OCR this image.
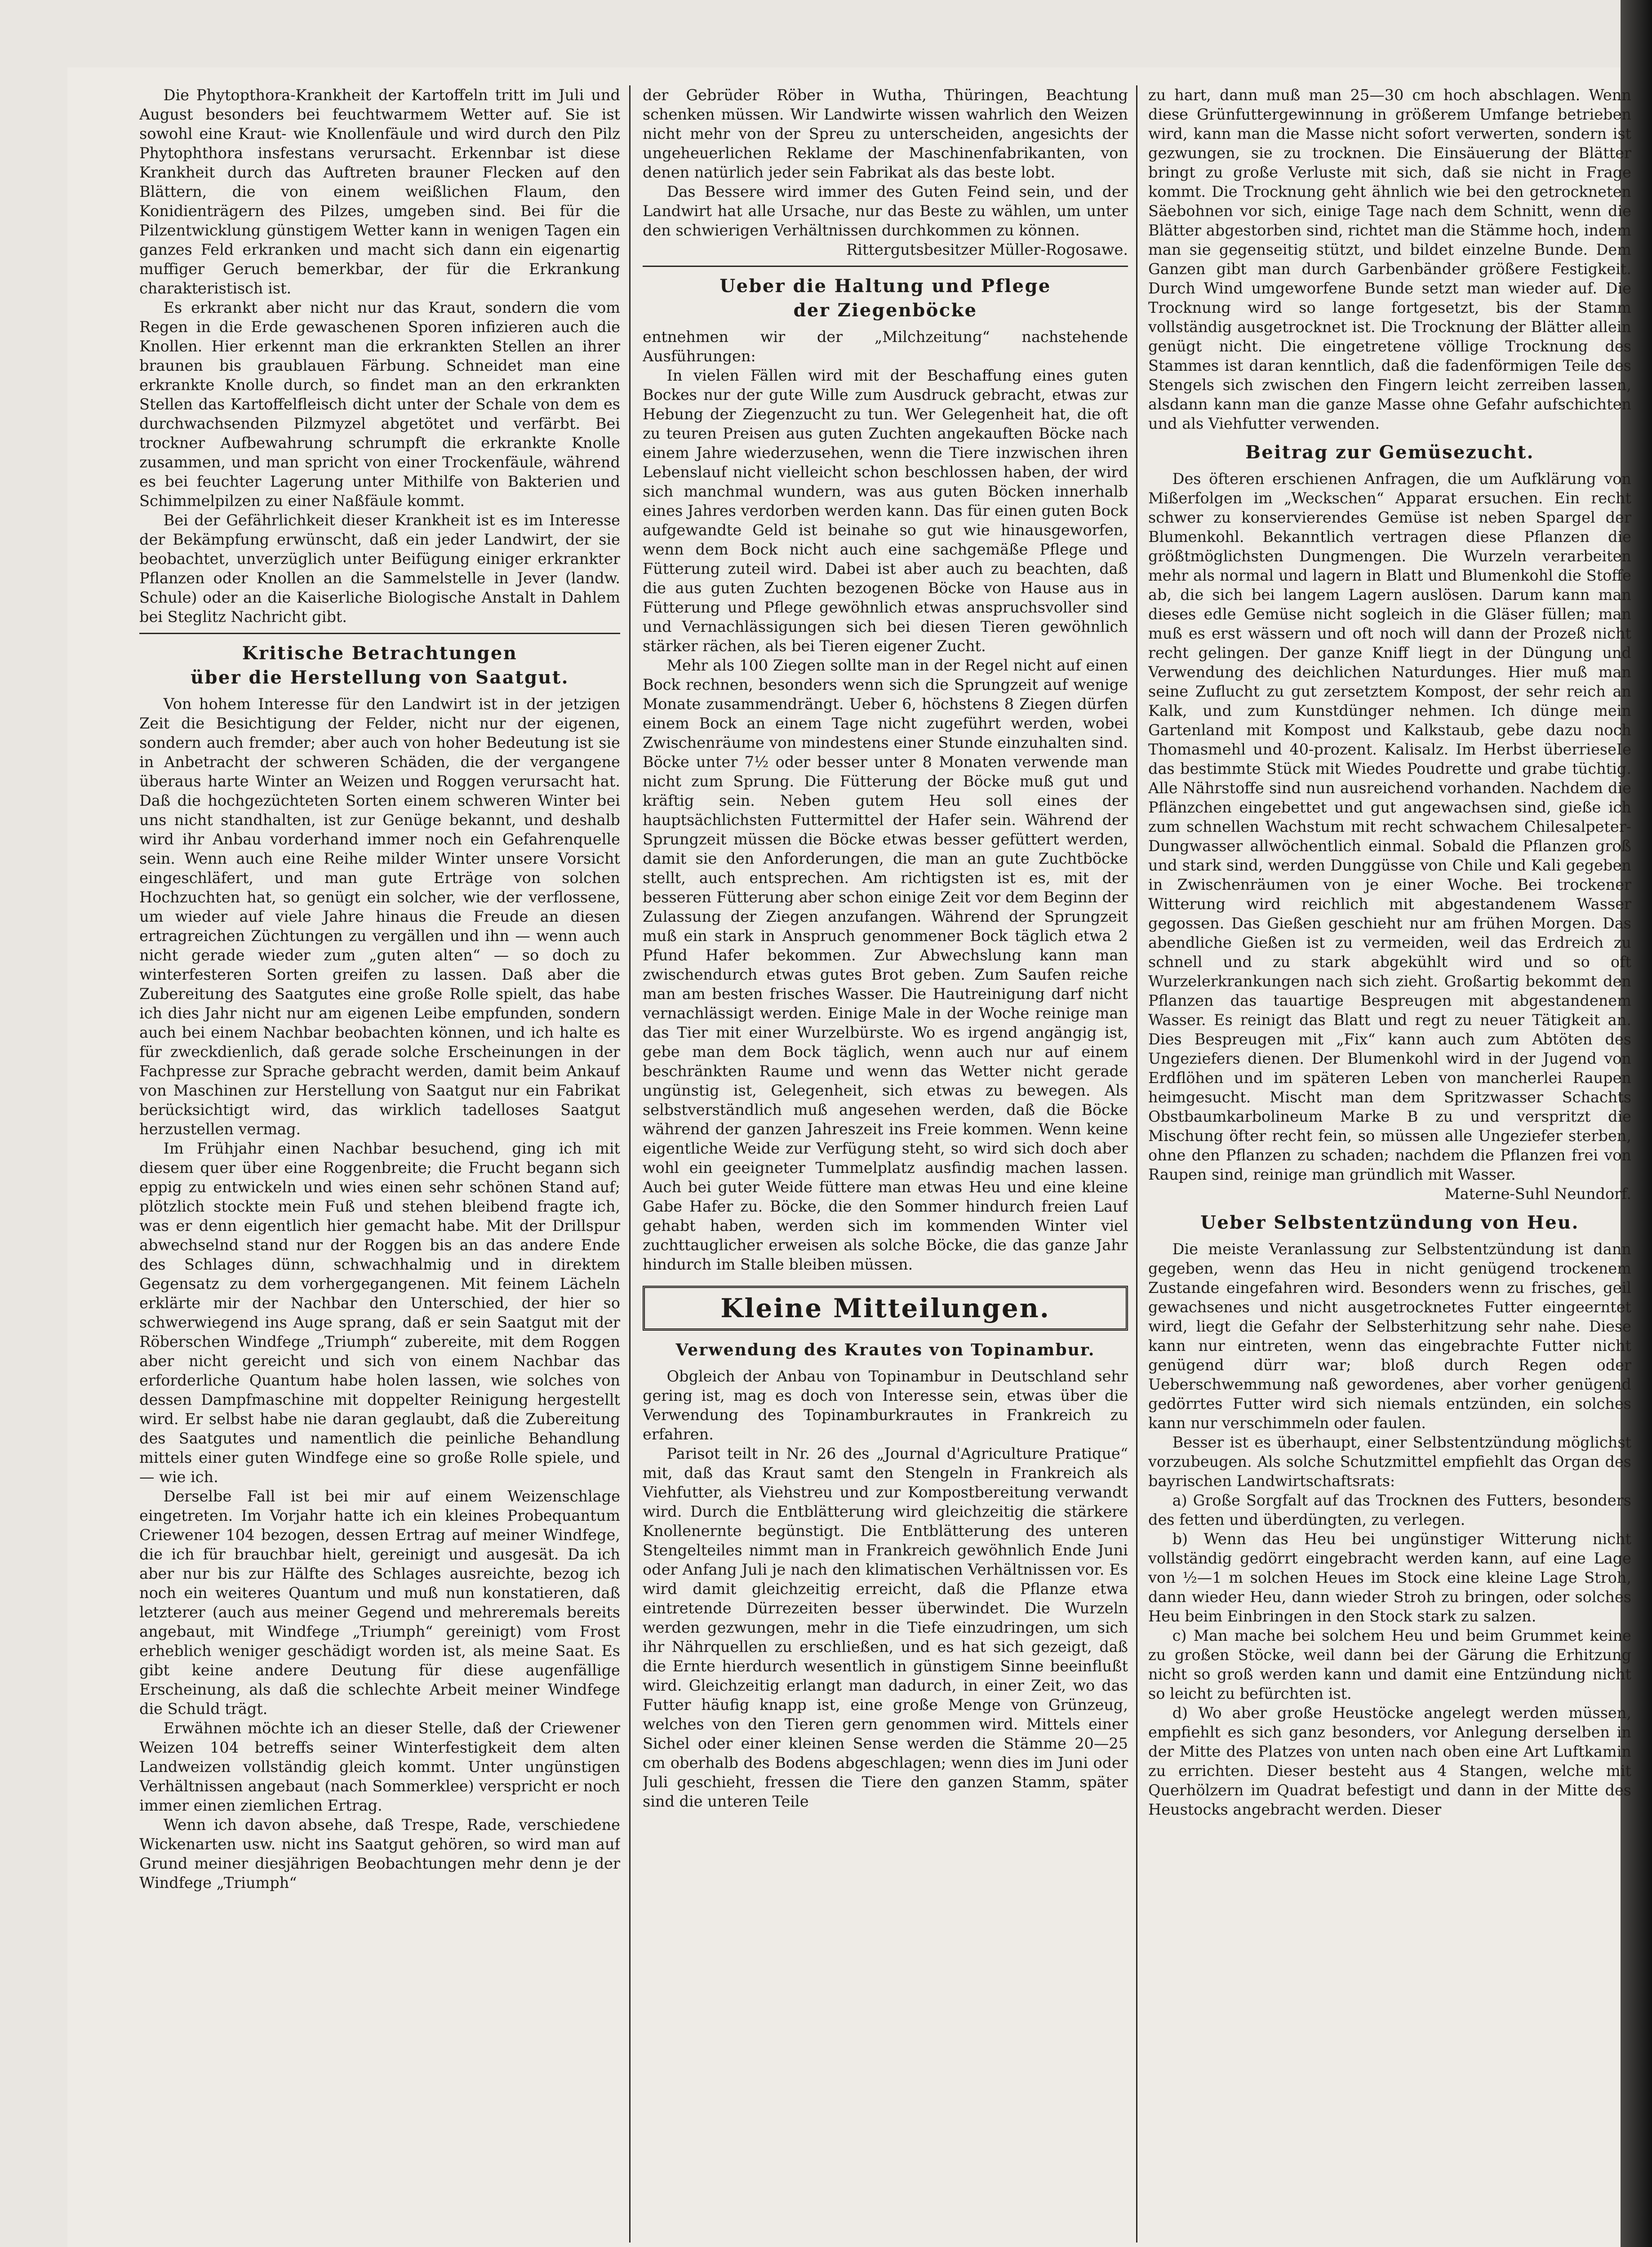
Die Phytopthora-Krankheit der Kartoffeln tritt im Juli und August besonders bei feuchtwarmem Wetter auf. Sie ist sowohl eine Kraut- wie Knollenfäule und wird durch den Pilz Phytophthora insfestans verursacht. Erkennbar ist diese Krankheit durch das Auftreten brauner Flecken auf den Blättern, die von einem weißlichen Flaum, den Konidienträgern des Pilzes, umgeben sind. Bei für die Pilzentwicklung günstigem Wetter kann in wenigen Tagen ein ganzes Feld erkranken und macht sich dann ein eigenartig muffiger Geruch bemerkbar, der für die Erkrankung charakteristisch ist.

Es erkrankt aber nicht nur das Kraut, sondern die vom Regen in die Erde gewaschenen Sporen infizieren auch die Knollen. Hier erkennt man die erkrankten Stellen an ihrer braunen bis graublauen Färbung. Schneidet man eine erkrankte Knolle durch, so findet man an den erkrankten Stellen das Kartoffelfleisch dicht unter der Schale von dem es durchwachsenden Pilzmyzel abgetötet und verfärbt. Bei trockner Aufbewahrung schrumpft die erkrankte Knolle zusammen, und man spricht von einer Trockenfäule, während es bei feuchter Lagerung unter Mithilfe von Bakterien und Schimmelpilzen zu einer Naßfäule kommt.

Bei der Gefährlichkeit dieser Krankheit ist es im Interesse der Bekämpfung erwünscht, daß ein jeder Landwirt, der sie beobachtet, unverzüglich unter Beifügung einiger erkrankter Pflanzen oder Knollen an die Sammelstelle in Jever (landw. Schule) oder an die Kaiserliche Biologische Anstalt in Dahlem bei Steglitz Nachricht gibt.

Kritische Betrachtungen
über die Herstellung von Saatgut.

Von hohem Interesse für den Landwirt ist in der jetzigen Zeit die Besichtigung der Felder, nicht nur der eigenen, sondern auch fremder; aber auch von hoher Bedeutung ist sie in Anbetracht der schweren Schäden, die der vergangene überaus harte Winter an Weizen und Roggen verursacht hat. Daß die hochgezüchteten Sorten einem schweren Winter bei uns nicht standhalten, ist zur Genüge bekannt, und deshalb wird ihr Anbau vorderhand immer noch ein Gefahrenquelle sein. Wenn auch eine Reihe milder Winter unsere Vorsicht eingeschläfert, und man gute Erträge von solchen Hochzuchten hat, so genügt ein solcher, wie der verflossene, um wieder auf viele Jahre hinaus die Freude an diesen ertragreichen Züchtungen zu vergällen und ihn — wenn auch nicht gerade wieder zum „guten alten“ — so doch zu winterfesteren Sorten greifen zu lassen. Daß aber die Zubereitung des Saatgutes eine große Rolle spielt, das habe ich dies Jahr nicht nur am eigenen Leibe empfunden, sondern auch bei einem Nachbar beobachten können, und ich halte es für zweckdienlich, daß gerade solche Erscheinungen in der Fachpresse zur Sprache gebracht werden, damit beim Ankauf von Maschinen zur Herstellung von Saatgut nur ein Fabrikat berücksichtigt wird, das wirklich tadelloses Saatgut herzustellen vermag.

Im Frühjahr einen Nachbar besuchend, ging ich mit diesem quer über eine Roggenbreite; die Frucht begann sich eppig zu entwickeln und wies einen sehr schönen Stand auf; plötzlich stockte mein Fuß und stehen bleibend fragte ich, was er denn eigentlich hier gemacht habe. Mit der Drillspur abwechselnd stand nur der Roggen bis an das andere Ende des Schlages dünn, schwachhalmig und in direktem Gegensatz zu dem vorhergegangenen. Mit feinem Lächeln erklärte mir der Nachbar den Unterschied, der hier so schwerwiegend ins Auge sprang, daß er sein Saatgut mit der Röberschen Windfege „Triumph“ zubereite, mit dem Roggen aber nicht gereicht und sich von einem Nachbar das erforderliche Quantum habe holen lassen, wie solches von dessen Dampfmaschine mit doppelter Reinigung hergestellt wird. Er selbst habe nie daran geglaubt, daß die Zubereitung des Saatgutes und namentlich die peinliche Behandlung mittels einer guten Windfege eine so große Rolle spiele, und — wie ich.

Derselbe Fall ist bei mir auf einem Weizenschlage eingetreten. Im Vorjahr hatte ich ein kleines Probequantum Criewener 104 bezogen, dessen Ertrag auf meiner Windfege, die ich für brauchbar hielt, gereinigt und ausgesät. Da ich aber nur bis zur Hälfte des Schlages ausreichte, bezog ich noch ein weiteres Quantum und muß nun konstatieren, daß letzterer (auch aus meiner Gegend und mehreremals bereits angebaut, mit Windfege „Triumph“ gereinigt) vom Frost erheblich weniger geschädigt worden ist, als meine Saat. Es gibt keine andere Deutung für diese augenfällige Erscheinung, als daß die schlechte Arbeit meiner Windfege die Schuld trägt.

Erwähnen möchte ich an dieser Stelle, daß der Criewener Weizen 104 betreffs seiner Winterfestigkeit dem alten Landweizen vollständig gleich kommt. Unter ungünstigen Verhältnissen angebaut (nach Sommerklee) verspricht er noch immer einen ziemlichen Ertrag.

Wenn ich davon absehe, daß Trespe, Rade, verschiedene Wickenarten usw. nicht ins Saatgut gehören, so wird man auf Grund meiner diesjährigen Beobachtungen mehr denn je der Windfege „Triumph“

der Gebrüder Röber in Wutha, Thüringen, Beachtung schenken müssen. Wir Landwirte wissen wahrlich den Weizen nicht mehr von der Spreu zu unterscheiden, angesichts der ungeheuerlichen Reklame der Maschinenfabrikanten, von denen natürlich jeder sein Fabrikat als das beste lobt.

Das Bessere wird immer des Guten Feind sein, und der Landwirt hat alle Ursache, nur das Beste zu wählen, um unter den schwierigen Verhältnissen durchkommen zu können.

Rittergutsbesitzer Müller-Rogosawe.

Ueber die Haltung und Pflege
der Ziegenböcke

entnehmen wir der „Milchzeitung“ nachstehende Ausführungen:

In vielen Fällen wird mit der Beschaffung eines guten Bockes nur der gute Wille zum Ausdruck gebracht, etwas zur Hebung der Ziegenzucht zu tun. Wer Gelegenheit hat, die oft zu teuren Preisen aus guten Zuchten angekauften Böcke nach einem Jahre wiederzusehen, wenn die Tiere inzwischen ihren Lebenslauf nicht vielleicht schon beschlossen haben, der wird sich manchmal wundern, was aus guten Böcken innerhalb eines Jahres verdorben werden kann. Das für einen guten Bock aufgewandte Geld ist beinahe so gut wie hinausgeworfen, wenn dem Bock nicht auch eine sachgemäße Pflege und Fütterung zuteil wird. Dabei ist aber auch zu beachten, daß die aus guten Zuchten bezogenen Böcke von Hause aus in Fütterung und Pflege gewöhnlich etwas anspruchsvoller sind und Vernachlässigungen sich bei diesen Tieren gewöhnlich stärker rächen, als bei Tieren eigener Zucht.

Mehr als 100 Ziegen sollte man in der Regel nicht auf einen Bock rechnen, besonders wenn sich die Sprungzeit auf wenige Monate zusammendrängt. Ueber 6, höchstens 8 Ziegen dürfen einem Bock an einem Tage nicht zugeführt werden, wobei Zwischenräume von mindestens einer Stunde einzuhalten sind. Böcke unter 7½ oder besser unter 8 Monaten verwende man nicht zum Sprung. Die Fütterung der Böcke muß gut und kräftig sein. Neben gutem Heu soll eines der hauptsächlichsten Futtermittel der Hafer sein. Während der Sprungzeit müssen die Böcke etwas besser gefüttert werden, damit sie den Anforderungen, die man an gute Zuchtböcke stellt, auch entsprechen. Am richtigsten ist es, mit der besseren Fütterung aber schon einige Zeit vor dem Beginn der Zulassung der Ziegen anzufangen. Während der Sprungzeit muß ein stark in Anspruch genommener Bock täglich etwa 2 Pfund Hafer bekommen. Zur Abwechslung kann man zwischendurch etwas gutes Brot geben. Zum Saufen reiche man am besten frisches Wasser. Die Hautreinigung darf nicht vernachlässigt werden. Einige Male in der Woche reinige man das Tier mit einer Wurzelbürste. Wo es irgend angängig ist, gebe man dem Bock täglich, wenn auch nur auf einem beschränkten Raume und wenn das Wetter nicht gerade ungünstig ist, Gelegenheit, sich etwas zu bewegen. Als selbstverständlich muß angesehen werden, daß die Böcke während der ganzen Jahreszeit ins Freie kommen. Wenn keine eigentliche Weide zur Verfügung steht, so wird sich doch aber wohl ein geeigneter Tummelplatz ausfindig machen lassen. Auch bei guter Weide füttere man etwas Heu und eine kleine Gabe Hafer zu. Böcke, die den Sommer hindurch freien Lauf gehabt haben, werden sich im kommenden Winter viel zuchttauglicher erweisen als solche Böcke, die das ganze Jahr hindurch im Stalle bleiben müssen.

Kleine Mitteilungen.
Verwendung des Krautes von Topinambur.

Obgleich der Anbau von Topinambur in Deutschland sehr gering ist, mag es doch von Interesse sein, etwas über die Verwendung des Topinamburkrautes in Frankreich zu erfahren.

Parisot teilt in Nr. 26 des „Journal d'Agriculture Pratique“ mit, daß das Kraut samt den Stengeln in Frankreich als Viehfutter, als Viehstreu und zur Kompostbereitung verwandt wird. Durch die Entblätterung wird gleichzeitig die stärkere Knollenernte begünstigt. Die Entblätterung des unteren Stengelteiles nimmt man in Frankreich gewöhnlich Ende Juni oder Anfang Juli je nach den klimatischen Verhältnissen vor. Es wird damit gleichzeitig erreicht, daß die Pflanze etwa eintretende Dürrezeiten besser überwindet. Die Wurzeln werden gezwungen, mehr in die Tiefe einzudringen, um sich ihr Nährquellen zu erschließen, und es hat sich gezeigt, daß die Ernte hierdurch wesentlich in günstigem Sinne beeinflußt wird. Gleichzeitig erlangt man dadurch, in einer Zeit, wo das Futter häufig knapp ist, eine große Menge von Grünzeug, welches von den Tieren gern genommen wird. Mittels einer Sichel oder einer kleinen Sense werden die Stämme 20—25 cm oberhalb des Bodens abgeschlagen; wenn dies im Juni oder Juli geschieht, fressen die Tiere den ganzen Stamm, später sind die unteren Teile

zu hart, dann muß man 25—30 cm hoch abschlagen. Wenn diese Grünfuttergewinnung in größerem Umfange betrieben wird, kann man die Masse nicht sofort verwerten, sondern ist gezwungen, sie zu trocknen. Die Einsäuerung der Blätter bringt zu große Verluste mit sich, daß sie nicht in Frage kommt. Die Trocknung geht ähnlich wie bei den getrockneten Säebohnen vor sich, einige Tage nach dem Schnitt, wenn die Blätter abgestorben sind, richtet man die Stämme hoch, indem man sie gegenseitig stützt, und bildet einzelne Bunde. Dem Ganzen gibt man durch Garbenbänder größere Festigkeit. Durch Wind umgeworfene Bunde setzt man wieder auf. Die Trocknung wird so lange fortgesetzt, bis der Stamm vollständig ausgetrocknet ist. Die Trocknung der Blätter allein genügt nicht. Die eingetretene völlige Trocknung des Stammes ist daran kenntlich, daß die fadenförmigen Teile des Stengels sich zwischen den Fingern leicht zerreiben lassen, alsdann kann man die ganze Masse ohne Gefahr aufschichten und als Viehfutter verwenden.

Beitrag zur Gemüsezucht.

Des öfteren erschienen Anfragen, die um Aufklärung von Mißerfolgen im „Weckschen“ Apparat ersuchen. Ein recht schwer zu konservierendes Gemüse ist neben Spargel der Blumenkohl. Bekanntlich vertragen diese Pflanzen die größtmöglichsten Dungmengen. Die Wurzeln verarbeiten mehr als normal und lagern in Blatt und Blumenkohl die Stoffe ab, die sich bei langem Lagern auslösen. Darum kann man dieses edle Gemüse nicht sogleich in die Gläser füllen; man muß es erst wässern und oft noch will dann der Prozeß nicht recht gelingen. Der ganze Kniff liegt in der Düngung und Verwendung des deichlichen Naturdunges. Hier muß man seine Zuflucht zu gut zersetztem Kompost, der sehr reich an Kalk, und zum Kunstdünger nehmen. Ich dünge mein Gartenland mit Kompost und Kalkstaub, gebe dazu noch Thomasmehl und 40-prozent. Kalisalz. Im Herbst überrieseIe das bestimmte Stück mit Wiedes Poudrette und grabe tüchtig. Alle Nährstoffe sind nun ausreichend vorhanden. Nachdem die Pflänzchen eingebettet und gut angewachsen sind, gieße ich zum schnellen Wachstum mit recht schwachem Chilesalpeter-Dungwasser allwöchentlich einmal. Sobald die Pflanzen groß und stark sind, werden Dunggüsse von Chile und Kali gegeben in Zwischenräumen von je einer Woche. Bei trockener Witterung wird reichlich mit abgestandenem Wasser gegossen. Das Gießen geschieht nur am frühen Morgen. Das abendliche Gießen ist zu vermeiden, weil das Erdreich zu schnell und zu stark abgekühlt wird und so oft Wurzelerkrankungen nach sich zieht. Großartig bekommt den Pflanzen das tauartige Bespreugen mit abgestandenem Wasser. Es reinigt das Blatt und regt zu neuer Tätigkeit an. Dies Bespreugen mit „Fix“ kann auch zum Abtöten des Ungeziefers dienen. Der Blumenkohl wird in der Jugend von Erdflöhen und im späteren Leben von mancherlei Raupen heimgesucht. Mischt man dem Spritzwasser Schachts Obstbaumkarbolineum Marke B zu und verspritzt die Mischung öfter recht fein, so müssen alle Ungeziefer sterben, ohne den Pflanzen zu schaden; nachdem die Pflanzen frei von Raupen sind, reinige man gründlich mit Wasser.

Materne-Suhl Neundorf.

Ueber Selbstentzündung von Heu.

Die meiste Veranlassung zur Selbstentzündung ist dann gegeben, wenn das Heu in nicht genügend trockenem Zustande eingefahren wird. Besonders wenn zu frisches, geil gewachsenes und nicht ausgetrocknetes Futter eingeerntet wird, liegt die Gefahr der Selbsterhitzung sehr nahe. Diese kann nur eintreten, wenn das eingebrachte Futter nicht genügend dürr war; bloß durch Regen oder Ueberschwemmung naß gewordenes, aber vorher genügend gedörrtes Futter wird sich niemals entzünden, ein solches kann nur verschimmeln oder faulen.

Besser ist es überhaupt, einer Selbstentzündung möglichst vorzubeugen. Als solche Schutzmittel empfiehlt das Organ des bayrischen Landwirtschaftsrats:

a) Große Sorgfalt auf das Trocknen des Futters, besonders des fetten und überdüngten, zu verlegen.

b) Wenn das Heu bei ungünstiger Witterung nicht vollständig gedörrt eingebracht werden kann, auf eine Lage von ½—1 m solchen Heues im Stock eine kleine Lage Stroh, dann wieder Heu, dann wieder Stroh zu bringen, oder solches Heu beim Einbringen in den Stock stark zu salzen.

c) Man mache bei solchem Heu und beim Grummet keine zu großen Stöcke, weil dann bei der Gärung die Erhitzung nicht so groß werden kann und damit eine Entzündung nicht so leicht zu befürchten ist.

d) Wo aber große Heustöcke angelegt werden müssen, empfiehlt es sich ganz besonders, vor Anlegung derselben in der Mitte des Platzes von unten nach oben eine Art Luftkamin zu errichten. Dieser besteht aus 4 Stangen, welche mit Querhölzern im Quadrat befestigt und dann in der Mitte des Heustocks angebracht werden. Dieser
